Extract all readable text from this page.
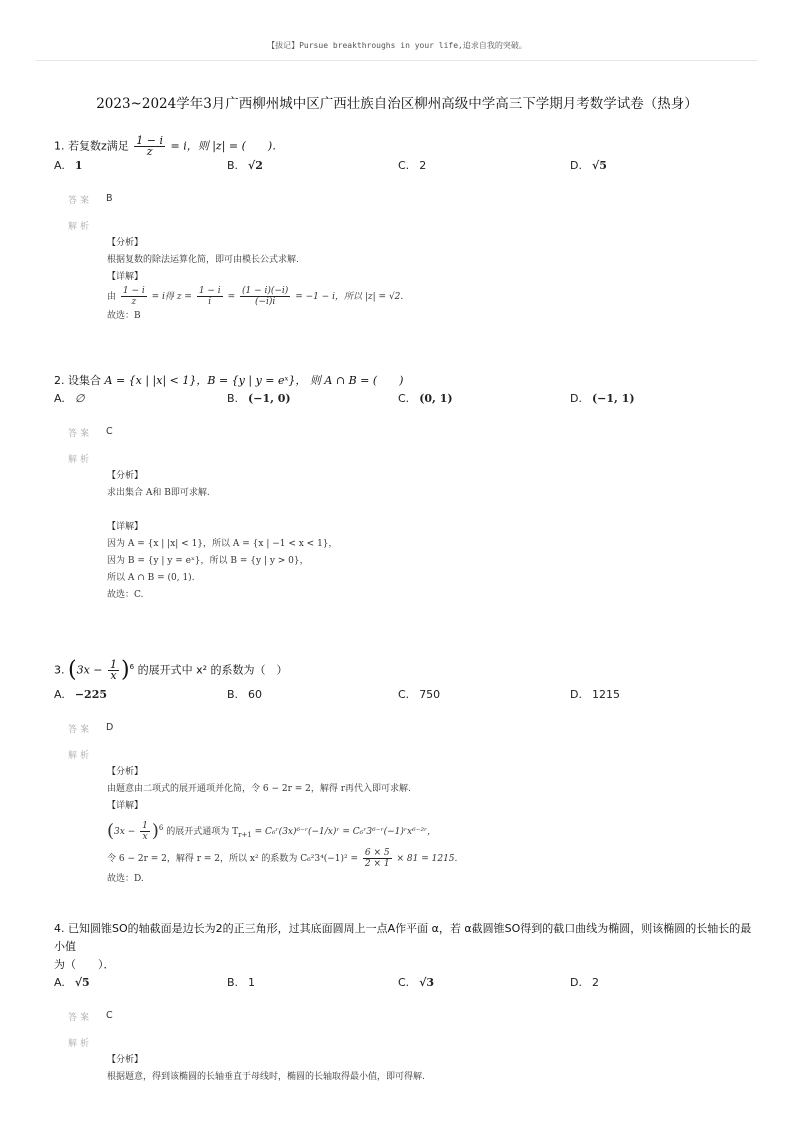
【拔记】Pursue breakthroughs in your life,追求自我的突破。
2023~2024学年3月广西柳州城中区广西壮族自治区柳州高级中学高三下学期月考数学试卷（热身）
1. 若复数z满足 $\frac{1 - i}{z} = i$，则 |z| = (　　)．
A. 1	B. √2	C. 2	D. √5
答案 B
解析
【分析】
根据复数的除法运算化简，即可由模长公式求解.
【详解】
由 $\frac{1 - i}{z} = i$得 $z = \frac{1 - i}{i} = \frac{(1 - i)(-i)}{(-i)i} = -1 - i$，所以 |z| = √2.
故选：B
2. 设集合 A = {x | |x| < 1}，B = {y | y = eˣ}， 则 A ∩ B = (　　)
A. ∅	B. (−1, 0)	C. (0, 1)	D. (−1, 1)
答案 C
解析
【分析】
求出集合 A和 B即可求解.
【详解】
因为 A = {x | |x| < 1}，所以 A = {x | −1 < x < 1}，
因为 B = {y | y = eˣ}，所以 B = {y | y > 0}，
所以 A ∩ B = (0, 1).
故选：C.
3. $(3x - \frac{1}{x} )^6$ 的展开式中 x² 的系数为（　）
A. −225	B. 60	C. 750	D. 1215
答案 D
解析
【分析】
由题意由二项式的展开通项并化简，令 6 − 2r = 2，解得 r再代入即可求解.
【详解】
$(3x - \frac{1}{x} )^6$ 的展开式通项为 $T_{r+1}$ = C₆ʳ(3x)⁶⁻ʳ(−1/x)ʳ = C₆ʳ3⁶⁻ʳ(−1)ʳx⁶⁻²ʳ，
令 6 − 2r = 2，解得 r = 2，所以 x² 的系数为 $C_6^23^4(-1)^2 = \frac{6 \times 5}{2 \times 1} \times 81 = 1215$.
故选：D.
4. 已知圆锥SO的轴截面是边长为2的正三角形，过其底面圆周上一点A作平面 α，若 α截圆锥SO得到的截口曲线为椭圆，则该椭圆的长轴长的最小值
为（　　）．
A. √5	B. 1	C. √3	D. 2
答案 C
解析
【分析】
根据题意，得到该椭圆的长轴垂直于母线时，椭圆的长轴取得最小值，即可得解.
